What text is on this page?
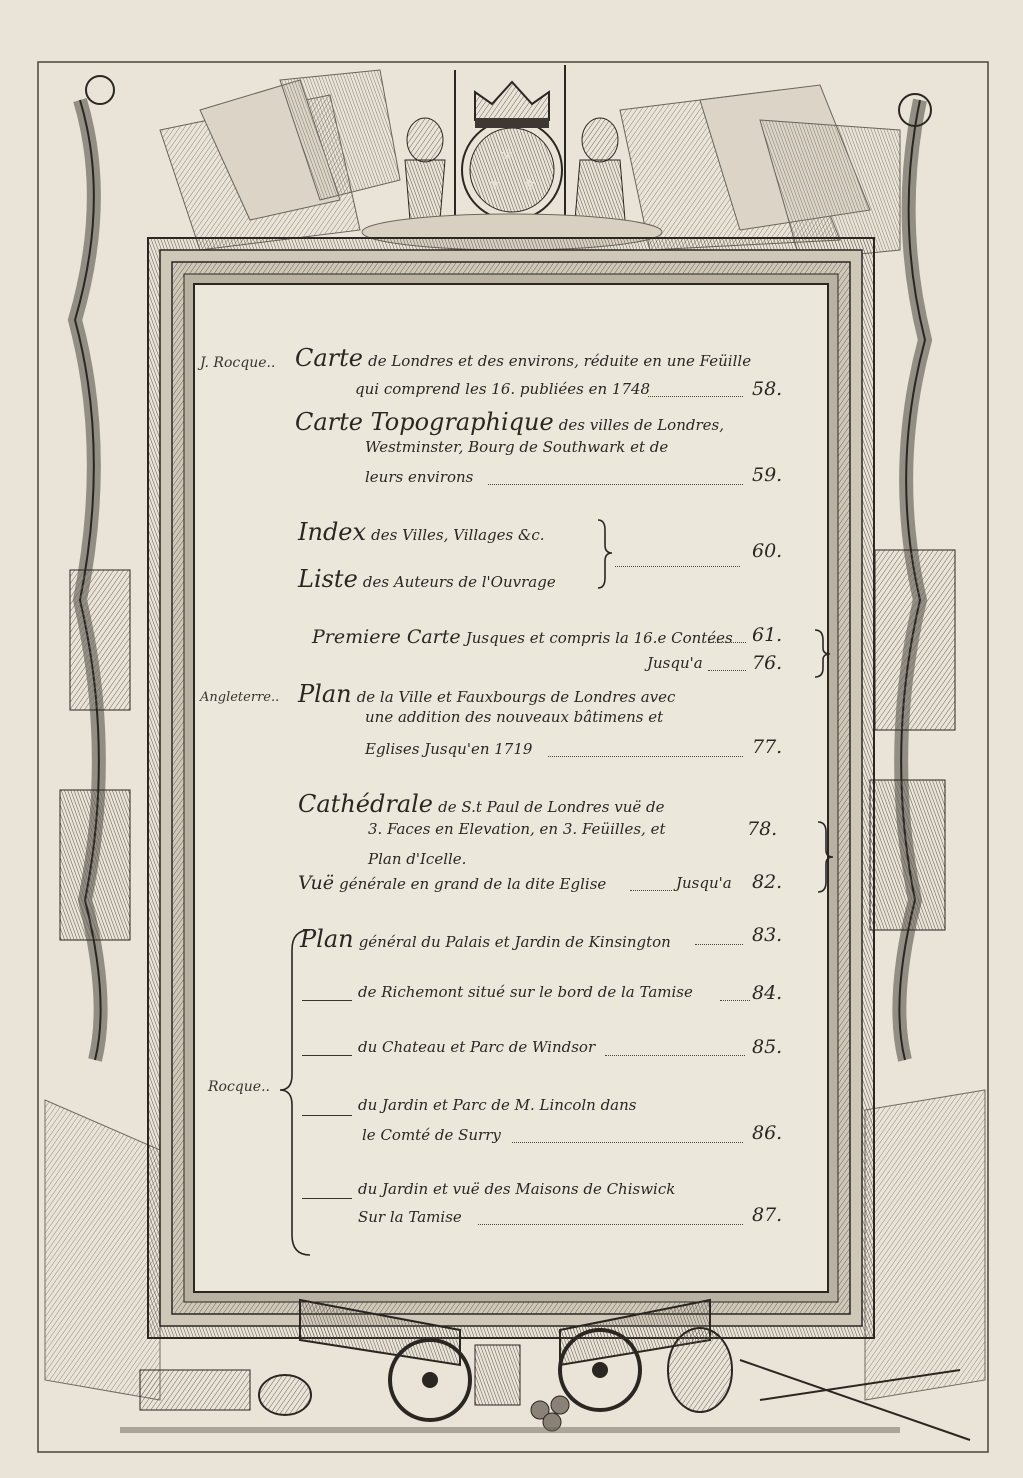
⚜
⚜
⚜
J. Rocque..
Angleterre..
Rocque..
Carte de Londres et des environs, réduite en une Feüille
qui comprend les 16. publiées en 1748	58.
Carte Topographique des villes de Londres,
Westminster, Bourg de Southwark et de
leurs environs	59.
Index des Villes, Villages &c.
Liste des Auteurs de l'Ouvrage
60.
Premiere Carte Jusques et compris la 16.e Contées 61.
Jusqu'a	76.
Plan de la Ville et Fauxbourgs de Londres avec
une addition des nouveaux bâtimens et
Eglises Jusqu'en 1719	77.
Cathédrale de S.t Paul de Londres vuë de
3. Faces en Elevation, en 3. Feüilles, et	78.
Plan d'Icelle.
Vuë générale en grand de la dite Eglise	Jusqu'a 82.
Plan général du Palais et Jardin de Kinsington	83.
de Richemont situé sur le bord de la Tamise	84.
du Chateau et Parc de Windsor	85.
du Jardin et Parc de M. Lincoln dans
le Comté de Surry	86.
du Jardin et vuë des Maisons de Chiswick
Sur la Tamise	87.
